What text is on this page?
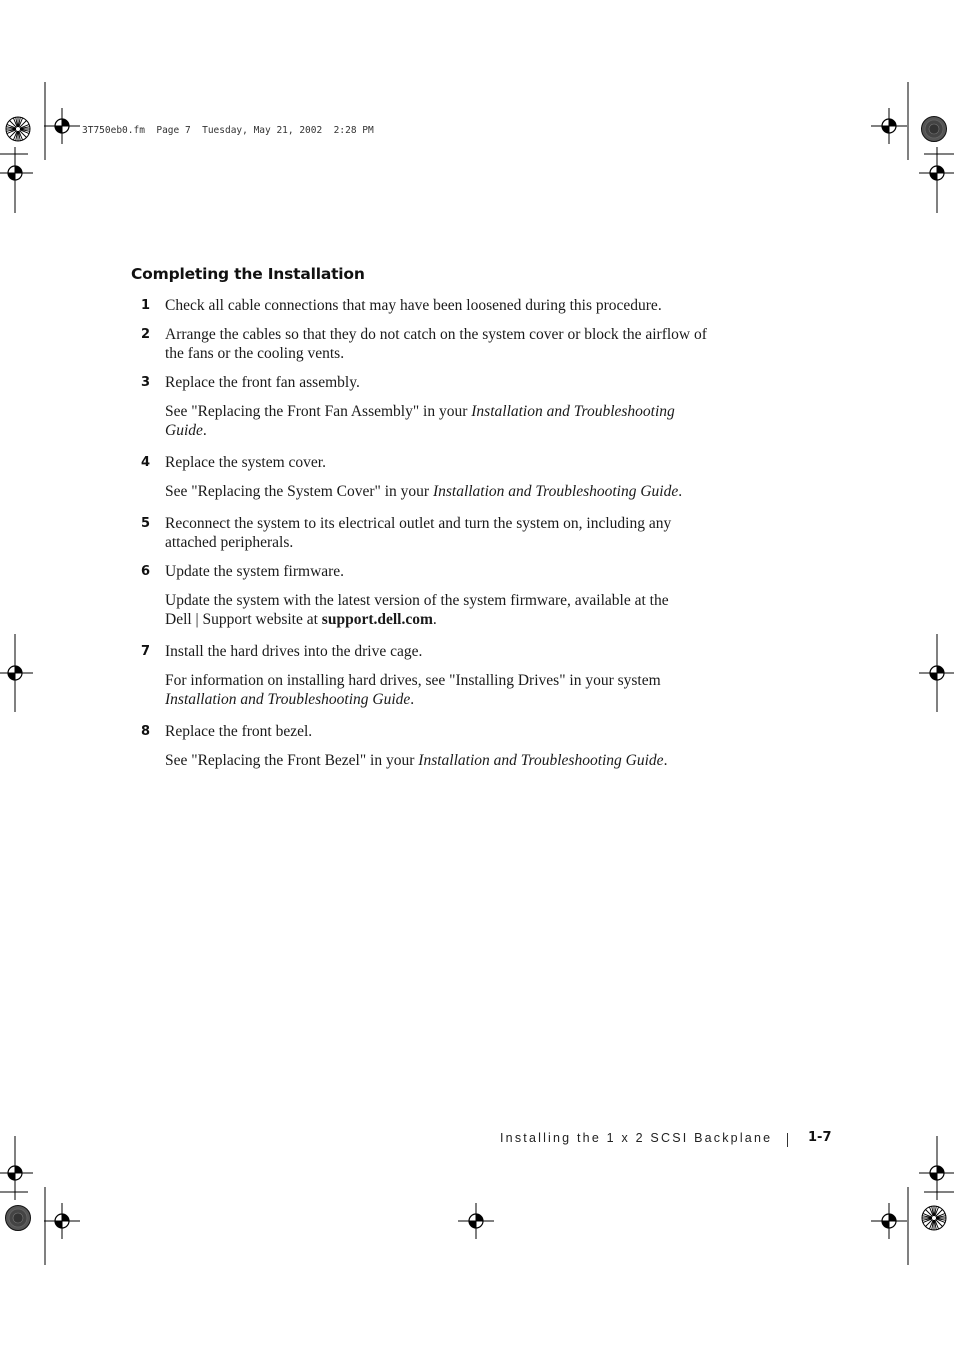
3T750eb0.fm  Page 7  Tuesday, May 21, 2002  2:28 PM
Completing the Installation
1 Check all cable connections that may have been loosened during this procedure.
2 Arrange the cables so that they do not catch on the system cover or block the airflow of
the fans or the cooling vents.
3 Replace the front fan assembly.
See "Replacing the Front Fan Assembly" in your Installation and Troubleshooting
Guide.
4 Replace the system cover.
See "Replacing the System Cover" in your Installation and Troubleshooting Guide.
5 Reconnect the system to its electrical outlet and turn the system on, including any
attached peripherals.
6 Update the system firmware.
Update the system with the latest version of the system firmware, available at the
Dell | Support website at support.dell.com.
7 Install the hard drives into the drive cage.
For information on installing hard drives, see "Installing Drives" in your system
Installation and Troubleshooting Guide.
8 Replace the front bezel.
See "Replacing the Front Bezel" in your Installation and Troubleshooting Guide.
Installing the 1 x 2 SCSI Backplane	1-7
